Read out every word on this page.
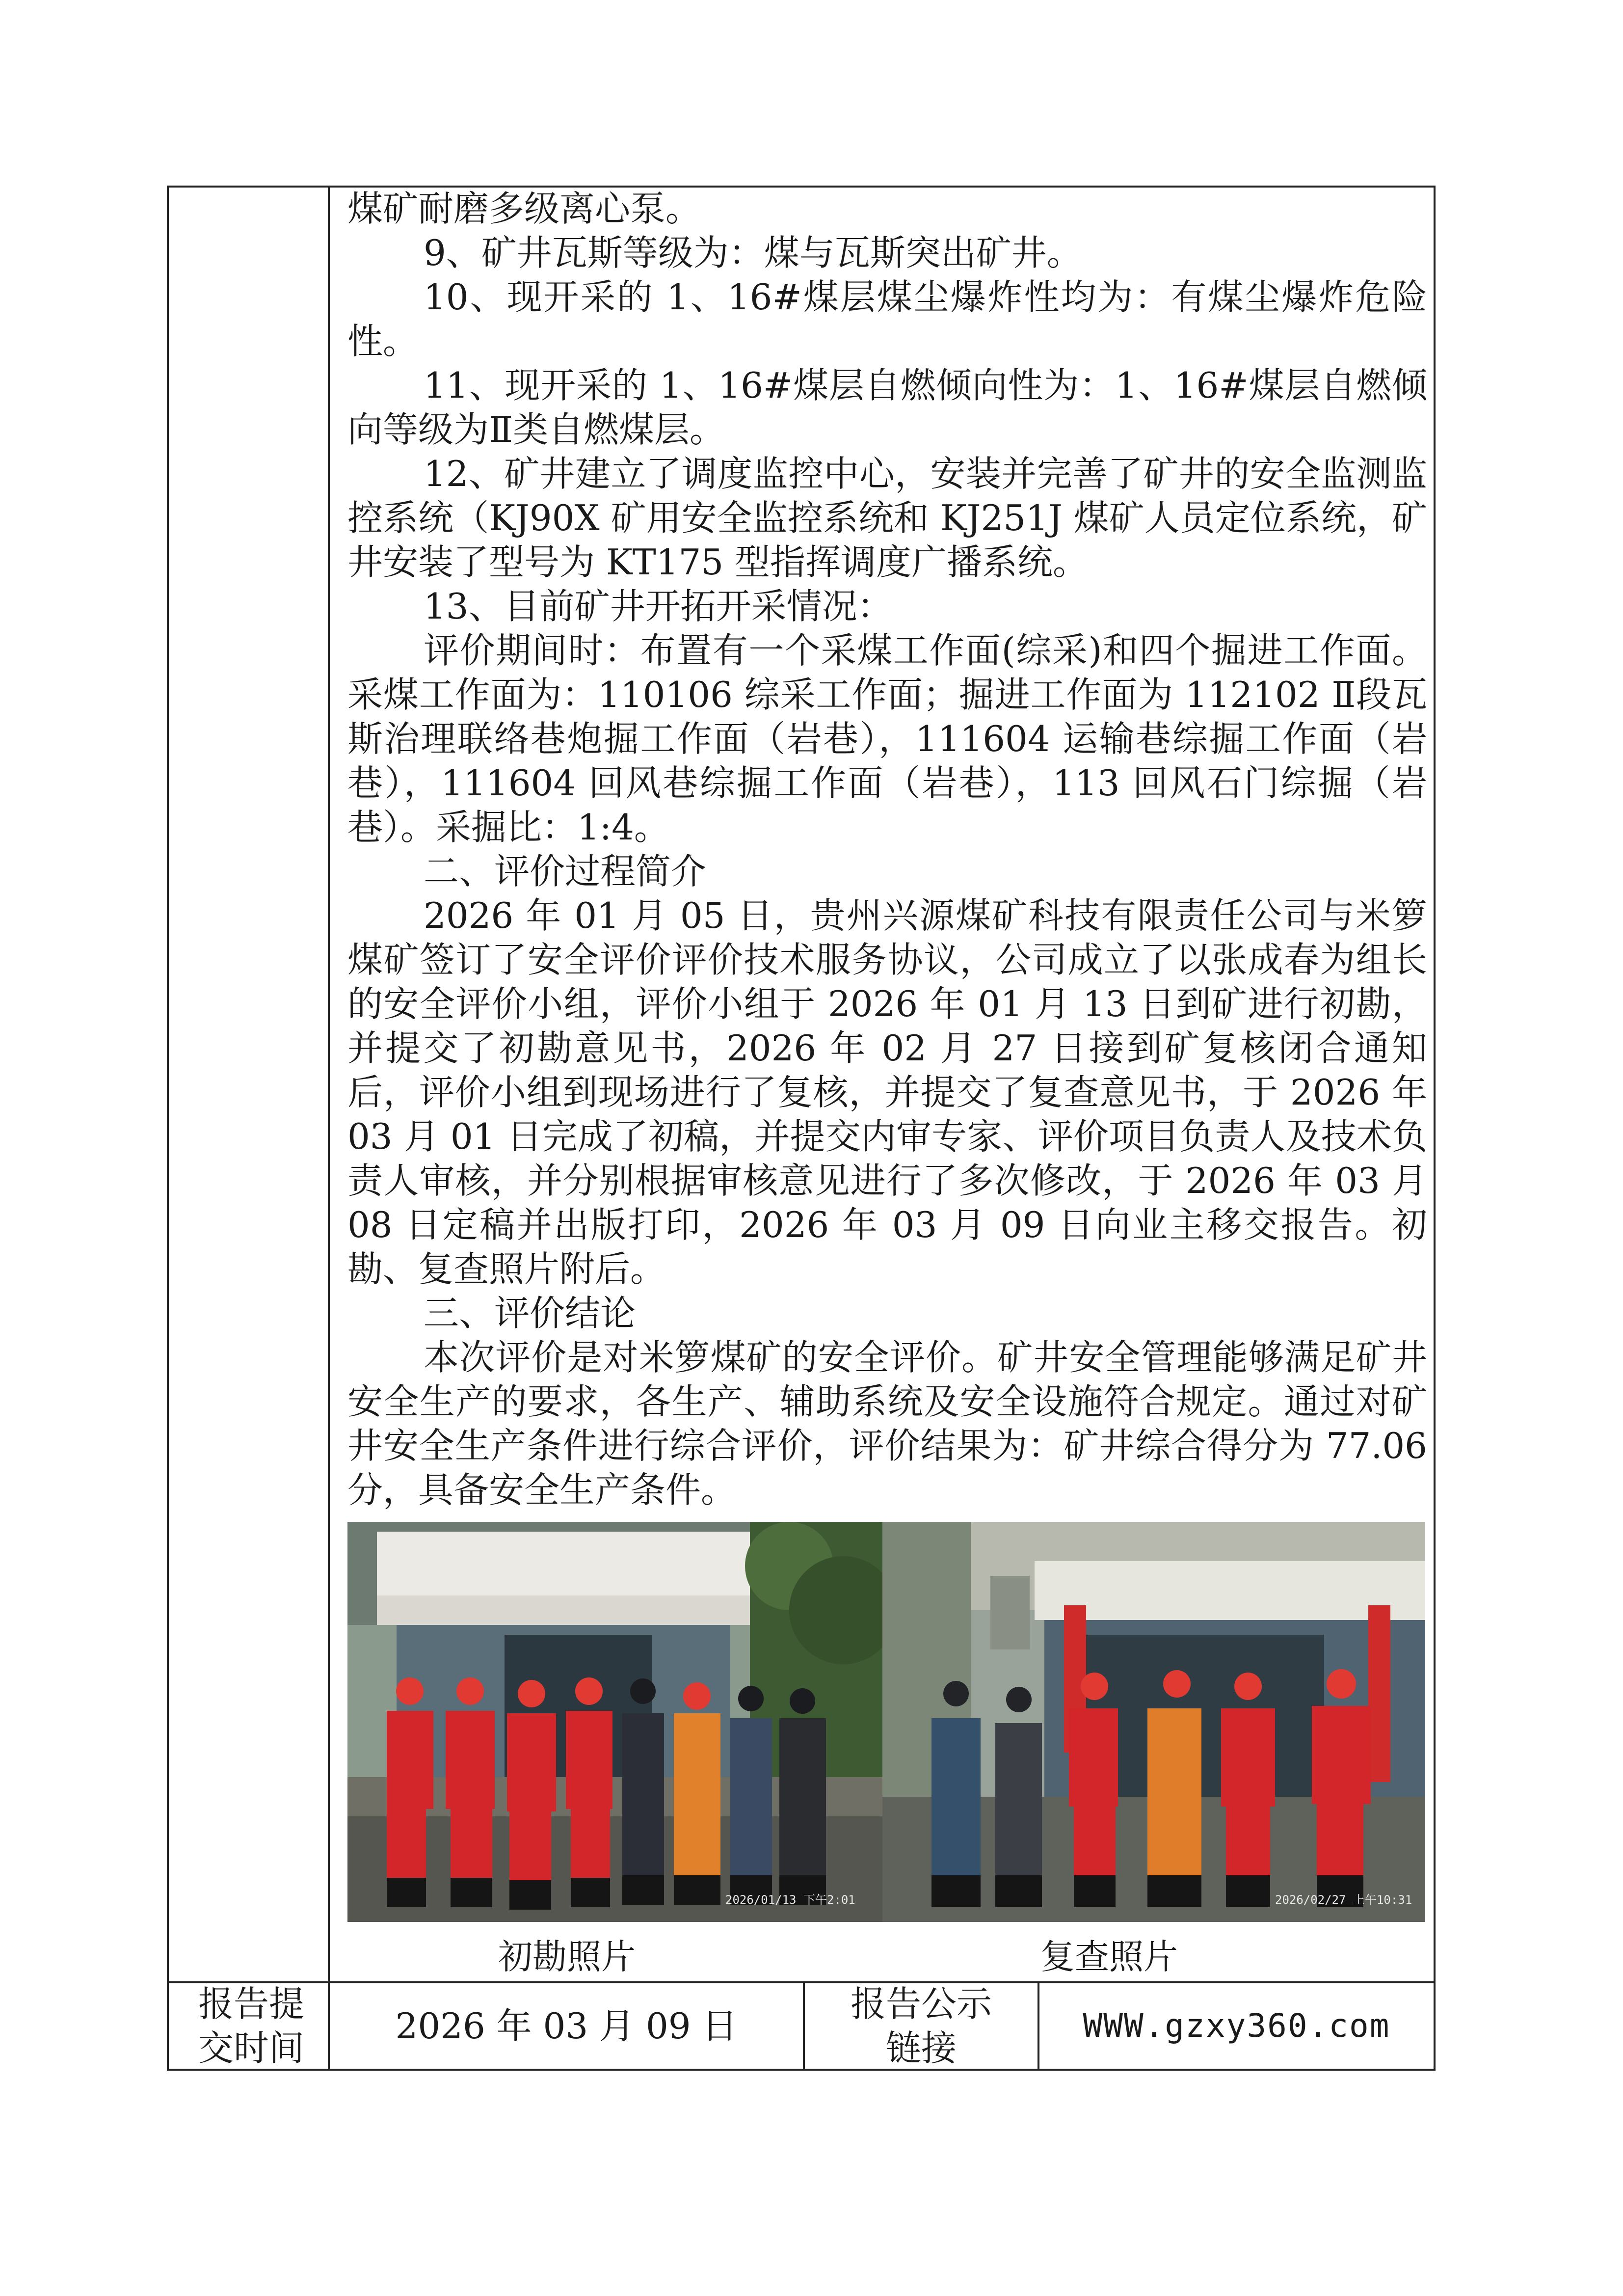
煤矿耐磨多级离心泵。

9、矿井瓦斯等级为：煤与瓦斯突出矿井。

10、现开采的 1、16#煤层煤尘爆炸性均为：有煤尘爆炸危险性。

11、现开采的 1、16#煤层自燃倾向性为：1、16#煤层自燃倾向等级为Ⅱ类自燃煤层。

12、矿井建立了调度监控中心，安装并完善了矿井的安全监测监控系统（KJ90X 矿用安全监控系统和 KJ251J 煤矿人员定位系统，矿井安装了型号为 KT175 型指挥调度广播系统。

13、目前矿井开拓开采情况：

评价期间时：布置有一个采煤工作面(综采)和四个掘进工作面。采煤工作面为：110106 综采工作面；掘进工作面为 112102 Ⅱ段瓦斯治理联络巷炮掘工作面（岩巷），111604 运输巷综掘工作面（岩巷），111604 回风巷综掘工作面（岩巷），113 回风石门综掘（岩巷）。采掘比：1:4。

二、评价过程简介

2026 年 01 月 05 日，贵州兴源煤矿科技有限责任公司与米箩煤矿签订了安全评价评价技术服务协议，公司成立了以张成春为组长的安全评价小组，评价小组于 2026 年 01 月 13 日到矿进行初勘，并提交了初勘意见书，2026 年 02 月 27 日接到矿复核闭合通知后，评价小组到现场进行了复核，并提交了复查意见书，于 2026 年 03 月 01 日完成了初稿，并提交内审专家、评价项目负责人及技术负责人审核，并分别根据审核意见进行了多次修改，于 2026 年 03 月 08 日定稿并出版打印，2026 年 03 月 09 日向业主移交报告。初勘、复查照片附后。

三、评价结论

本次评价是对米箩煤矿的安全评价。矿井安全管理能够满足矿井安全生产的要求，各生产、辅助系统及安全设施符合规定。通过对矿井安全生产条件进行综合评价，评价结果为：矿井综合得分为 77.06 分，具备安全生产条件。

2026/01/13 下午2:01	2026/02/27 上午10:31
初勘照片	复查照片
报告提交时间
2026 年 03 月 09 日
报告公示链接
WWW.gzxy360.com
